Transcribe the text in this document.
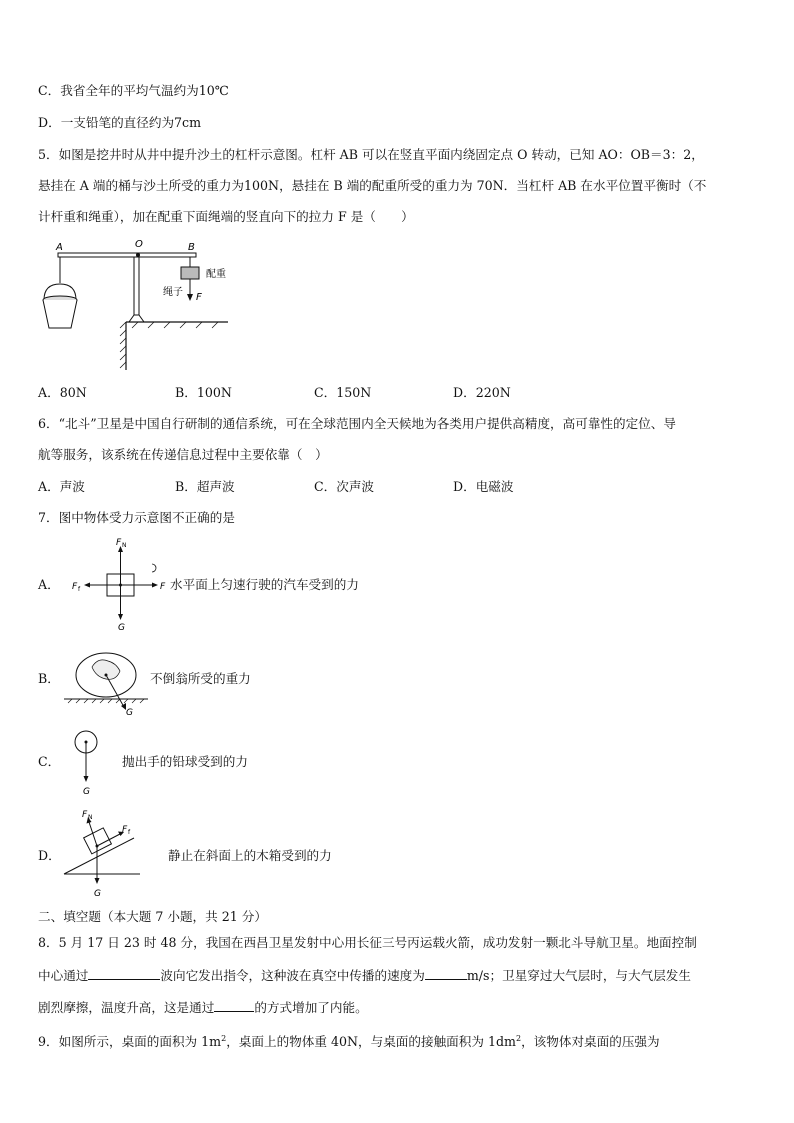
C．我省全年的平均气温约为10℃
D．一支铅笔的直径约为7cm
5．如图是挖井时从井中提升沙土的杠杆示意图。杠杆 AB 可以在竖直平面内绕固定点 O 转动，已知 AO：OB＝3：2，
悬挂在 A 端的桶与沙土所受的重力为100N，悬挂在 B 端的配重所受的重力为 70N．当杠杆 AB 在水平位置平衡时（不
计杆重和绳重），加在配重下面绳端的竖直向下的拉力 F 是（　　）
A	O	B
配重
绳子 F
A．80N	B．100N	C．150N	D．220N
6．“北斗”卫星是中国自行研制的通信系统，可在全球范围内全天候地为各类用户提供高精度，高可靠性的定位、导
航等服务，该系统在传递信息过程中主要依靠（　）
A．声波	B．超声波	C．次声波	D．电磁波
7．图中物体受力示意图不正确的是
A．
F N
G
F f	F 水平面上匀速行驶的汽车受到的力
B．
G
不倒翁所受的重力
C．
G
抛出手的铅球受到的力
D．
F N
F f
G
静止在斜面上的木箱受到的力
二、填空题（本大题 7 小题，共 21 分）
8．5 月 17 日 23 时 48 分，我国在西昌卫星发射中心用长征三号丙运载火箭，成功发射一颗北斗导航卫星。地面控制
中心通过	波向它发出指令，这种波在真空中传播的速度为	m/s；卫星穿过大气层时，与大气层发生
剧烈摩擦，温度升高，这是通过	的方式增加了内能。
9．如图所示，桌面的面积为 $1m^2$，桌面上的物体重 40N，与桌面的接触面积为 $1dm^2$，该物体对桌面的压强为
